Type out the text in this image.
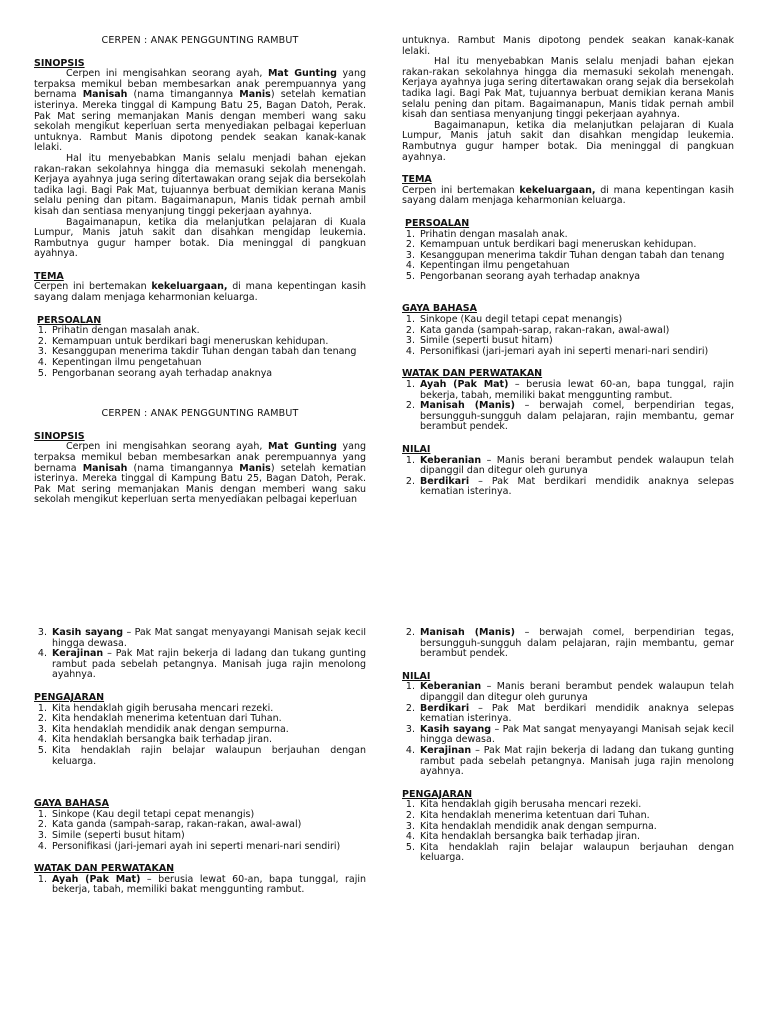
CERPEN : ANAK PENGGUNTING RAMBUT

SINOPSIS

Cerpen ini mengisahkan seorang ayah, Mat Gunting yang terpaksa memikul beban membesarkan anak perempuannya yang bernama Manisah (nama timangannya Manis) setelah kematian isterinya. Mereka tinggal di Kampung Batu 25, Bagan Datoh, Perak. Pak Mat sering memanjakan Manis dengan memberi wang saku sekolah mengikut keperluan serta menyediakan pelbagai keperluan untuknya. Rambut Manis dipotong pendek seakan kanak-kanak lelaki.

Hal itu menyebabkan Manis selalu menjadi bahan ejekan rakan-rakan sekolahnya hingga dia memasuki sekolah menengah. Kerjaya ayahnya juga sering ditertawakan orang sejak dia bersekolah tadika lagi. Bagi Pak Mat, tujuannya berbuat demikian kerana Manis selalu pening dan pitam. Bagaimanapun, Manis tidak pernah ambil kisah dan sentiasa menyanjung tinggi pekerjaan ayahnya.

Bagaimanapun, ketika dia melanjutkan pelajaran di Kuala Lumpur, Manis jatuh sakit dan disahkan mengidap leukemia. Rambutnya gugur hamper botak. Dia meninggal di pangkuan ayahnya.

TEMA

Cerpen ini bertemakan kekeluargaan, di mana kepentingan kasih sayang dalam menjaga keharmonian keluarga.

PERSOALAN

1. Prihatin dengan masalah anak.
2. Kemampuan untuk berdikari bagi meneruskan kehidupan.
3. Kesanggupan menerima takdir Tuhan dengan tabah dan tenang
4. Kepentingan ilmu pengetahuan
5. Pengorbanan seorang ayah terhadap anaknya

CERPEN : ANAK PENGGUNTING RAMBUT

SINOPSIS

Cerpen ini mengisahkan seorang ayah, Mat Gunting yang terpaksa memikul beban membesarkan anak perempuannya yang bernama Manisah (nama timangannya Manis) setelah kematian isterinya. Mereka tinggal di Kampung Batu 25, Bagan Datoh, Perak. Pak Mat sering memanjakan Manis dengan memberi wang saku sekolah mengikut keperluan serta menyediakan pelbagai keperluan

untuknya. Rambut Manis dipotong pendek seakan kanak-kanak lelaki.

Hal itu menyebabkan Manis selalu menjadi bahan ejekan rakan-rakan sekolahnya hingga dia memasuki sekolah menengah. Kerjaya ayahnya juga sering ditertawakan orang sejak dia bersekolah tadika lagi. Bagi Pak Mat, tujuannya berbuat demikian kerana Manis selalu pening dan pitam. Bagaimanapun, Manis tidak pernah ambil kisah dan sentiasa menyanjung tinggi pekerjaan ayahnya.

Bagaimanapun, ketika dia melanjutkan pelajaran di Kuala Lumpur, Manis jatuh sakit dan disahkan mengidap leukemia. Rambutnya gugur hamper botak. Dia meninggal di pangkuan ayahnya.

TEMA

Cerpen ini bertemakan kekeluargaan, di mana kepentingan kasih sayang dalam menjaga keharmonian keluarga.

PERSOALAN

1. Prihatin dengan masalah anak.
2. Kemampuan untuk berdikari bagi meneruskan kehidupan.
3. Kesanggupan menerima takdir Tuhan dengan tabah dan tenang
4. Kepentingan ilmu pengetahuan
5. Pengorbanan seorang ayah terhadap anaknya

GAYA BAHASA

1. Sinkope (Kau degil tetapi cepat menangis)
2. Kata ganda (sampah-sarap, rakan-rakan, awal-awal)
3. Simile (seperti busut hitam)
4. Personifikasi (jari-jemari ayah ini seperti menari-nari sendiri)

WATAK DAN PERWATAKAN

1. Ayah (Pak Mat) – berusia lewat 60-an, bapa tunggal, rajin bekerja, tabah, memiliki bakat menggunting rambut.
2. Manisah (Manis) – berwajah comel, berpendirian tegas, bersungguh-sungguh dalam pelajaran, rajin membantu, gemar berambut pendek.

NILAI

1. Keberanian – Manis berani berambut pendek walaupun telah dipanggil dan ditegur oleh gurunya
2. Berdikari – Pak Mat berdikari mendidik anaknya selepas kematian isterinya.
3. Kasih sayang – Pak Mat sangat menyayangi Manisah sejak kecil hingga dewasa.
4. Kerajinan – Pak Mat rajin bekerja di ladang dan tukang gunting rambut pada sebelah petangnya. Manisah juga rajin menolong ayahnya.

PENGAJARAN

1. Kita hendaklah gigih berusaha mencari rezeki.
2. Kita hendaklah menerima ketentuan dari Tuhan.
3. Kita hendaklah mendidik anak dengan sempurna.
4. Kita hendaklah bersangka baik terhadap jiran.
5. Kita hendaklah rajin belajar walaupun berjauhan dengan keluarga.

GAYA BAHASA

1. Sinkope (Kau degil tetapi cepat menangis)
2. Kata ganda (sampah-sarap, rakan-rakan, awal-awal)
3. Simile (seperti busut hitam)
4. Personifikasi (jari-jemari ayah ini seperti menari-nari sendiri)

WATAK DAN PERWATAKAN

1. Ayah (Pak Mat) – berusia lewat 60-an, bapa tunggal, rajin bekerja, tabah, memiliki bakat menggunting rambut.
2. Manisah (Manis) – berwajah comel, berpendirian tegas, bersungguh-sungguh dalam pelajaran, rajin membantu, gemar berambut pendek.

NILAI

1. Keberanian – Manis berani berambut pendek walaupun telah dipanggil dan ditegur oleh gurunya
2. Berdikari – Pak Mat berdikari mendidik anaknya selepas kematian isterinya.
3. Kasih sayang – Pak Mat sangat menyayangi Manisah sejak kecil hingga dewasa.
4. Kerajinan – Pak Mat rajin bekerja di ladang dan tukang gunting rambut pada sebelah petangnya. Manisah juga rajin menolong ayahnya.

PENGAJARAN

1. Kita hendaklah gigih berusaha mencari rezeki.
2. Kita hendaklah menerima ketentuan dari Tuhan.
3. Kita hendaklah mendidik anak dengan sempurna.
4. Kita hendaklah bersangka baik terhadap jiran.
5. Kita hendaklah rajin belajar walaupun berjauhan dengan keluarga.
